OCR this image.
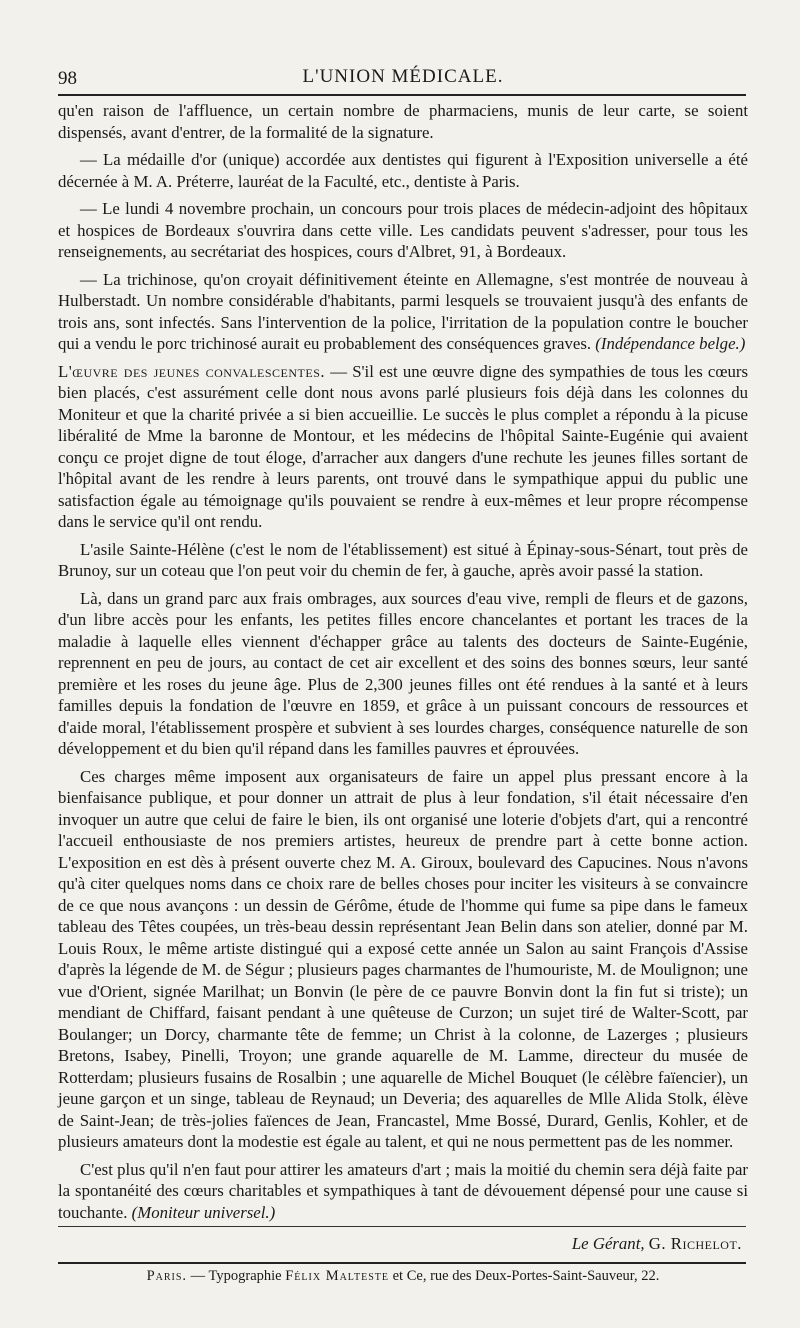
98	L'UNION MÉDICALE.

qu'en raison de l'affluence, un certain nombre de pharmaciens, munis de leur carte, se soient dispensés, avant d'entrer, de la formalité de la signature.

— La médaille d'or (unique) accordée aux dentistes qui figurent à l'Exposition universelle a été décernée à M. A. Préterre, lauréat de la Faculté, etc., dentiste à Paris.

— Le lundi 4 novembre prochain, un concours pour trois places de médecin-adjoint des hôpitaux et hospices de Bordeaux s'ouvrira dans cette ville. Les candidats peuvent s'adresser, pour tous les renseignements, au secrétariat des hospices, cours d'Albret, 91, à Bordeaux.

— La trichinose, qu'on croyait définitivement éteinte en Allemagne, s'est montrée de nouveau à Hulberstadt. Un nombre considérable d'habitants, parmi lesquels se trouvaient jusqu'à des enfants de trois ans, sont infectés. Sans l'intervention de la police, l'irritation de la population contre le boucher qui a vendu le porc trichinosé aurait eu probablement des conséquences graves. (Indépendance belge.)

L'œuvre des jeunes convalescentes. — S'il est une œuvre digne des sympathies de tous les cœurs bien placés, c'est assurément celle dont nous avons parlé plusieurs fois déjà dans les colonnes du Moniteur et que la charité privée a si bien accueillie. Le succès le plus complet a répondu à la picuse libéralité de Mme la baronne de Montour, et les médecins de l'hôpital Sainte-Eugénie qui avaient conçu ce projet digne de tout éloge, d'arracher aux dangers d'une rechute les jeunes filles sortant de l'hôpital avant de les rendre à leurs parents, ont trouvé dans le sympathique appui du public une satisfaction égale au témoignage qu'ils pouvaient se rendre à eux-mêmes et leur propre récompense dans le service qu'il ont rendu.

L'asile Sainte-Hélène (c'est le nom de l'établissement) est situé à Épinay-sous-Sénart, tout près de Brunoy, sur un coteau que l'on peut voir du chemin de fer, à gauche, après avoir passé la station.

Là, dans un grand parc aux frais ombrages, aux sources d'eau vive, rempli de fleurs et de gazons, d'un libre accès pour les enfants, les petites filles encore chancelantes et portant les traces de la maladie à laquelle elles viennent d'échapper grâce au talents des docteurs de Sainte-Eugénie, reprennent en peu de jours, au contact de cet air excellent et des soins des bonnes sœurs, leur santé première et les roses du jeune âge. Plus de 2,300 jeunes filles ont été rendues à la santé et à leurs familles depuis la fondation de l'œuvre en 1859, et grâce à un puissant concours de ressources et d'aide moral, l'établissement prospère et subvient à ses lourdes charges, conséquence naturelle de son développement et du bien qu'il répand dans les familles pauvres et éprouvées.

Ces charges même imposent aux organisateurs de faire un appel plus pressant encore à la bienfaisance publique, et pour donner un attrait de plus à leur fondation, s'il était nécessaire d'en invoquer un autre que celui de faire le bien, ils ont organisé une loterie d'objets d'art, qui a rencontré l'accueil enthousiaste de nos premiers artistes, heureux de prendre part à cette bonne action. L'exposition en est dès à présent ouverte chez M. A. Giroux, boulevard des Capucines. Nous n'avons qu'à citer quelques noms dans ce choix rare de belles choses pour inciter les visiteurs à se convaincre de ce que nous avançons : un dessin de Gérôme, étude de l'homme qui fume sa pipe dans le fameux tableau des Têtes coupées, un très-beau dessin représentant Jean Belin dans son atelier, donné par M. Louis Roux, le même artiste distingué qui a exposé cette année un Salon au saint François d'Assise d'après la légende de M. de Ségur ; plusieurs pages charmantes de l'humouriste, M. de Moulignon; une vue d'Orient, signée Marilhat; un Bonvin (le père de ce pauvre Bonvin dont la fin fut si triste); un mendiant de Chiffard, faisant pendant à une quêteuse de Curzon; un sujet tiré de Walter-Scott, par Boulanger; un Dorcy, charmante tête de femme; un Christ à la colonne, de Lazerges ; plusieurs Bretons, Isabey, Pinelli, Troyon; une grande aquarelle de M. Lamme, directeur du musée de Rotterdam; plusieurs fusains de Rosalbin ; une aquarelle de Michel Bouquet (le célèbre faïencier), un jeune garçon et un singe, tableau de Reynaud; un Deveria; des aquarelles de Mlle Alida Stolk, élève de Saint-Jean; de très-jolies faïences de Jean, Francastel, Mme Bossé, Durard, Genlis, Kohler, et de plusieurs amateurs dont la modestie est égale au talent, et qui ne nous permettent pas de les nommer.

C'est plus qu'il n'en faut pour attirer les amateurs d'art ; mais la moitié du chemin sera déjà faite par la spontanéité des cœurs charitables et sympathiques à tant de dévouement dépensé pour une cause si touchante. (Moniteur universel.)

Le Gérant, G. Richelot.
Paris. — Typographie Félix Malteste et Ce, rue des Deux-Portes-Saint-Sauveur, 22.
